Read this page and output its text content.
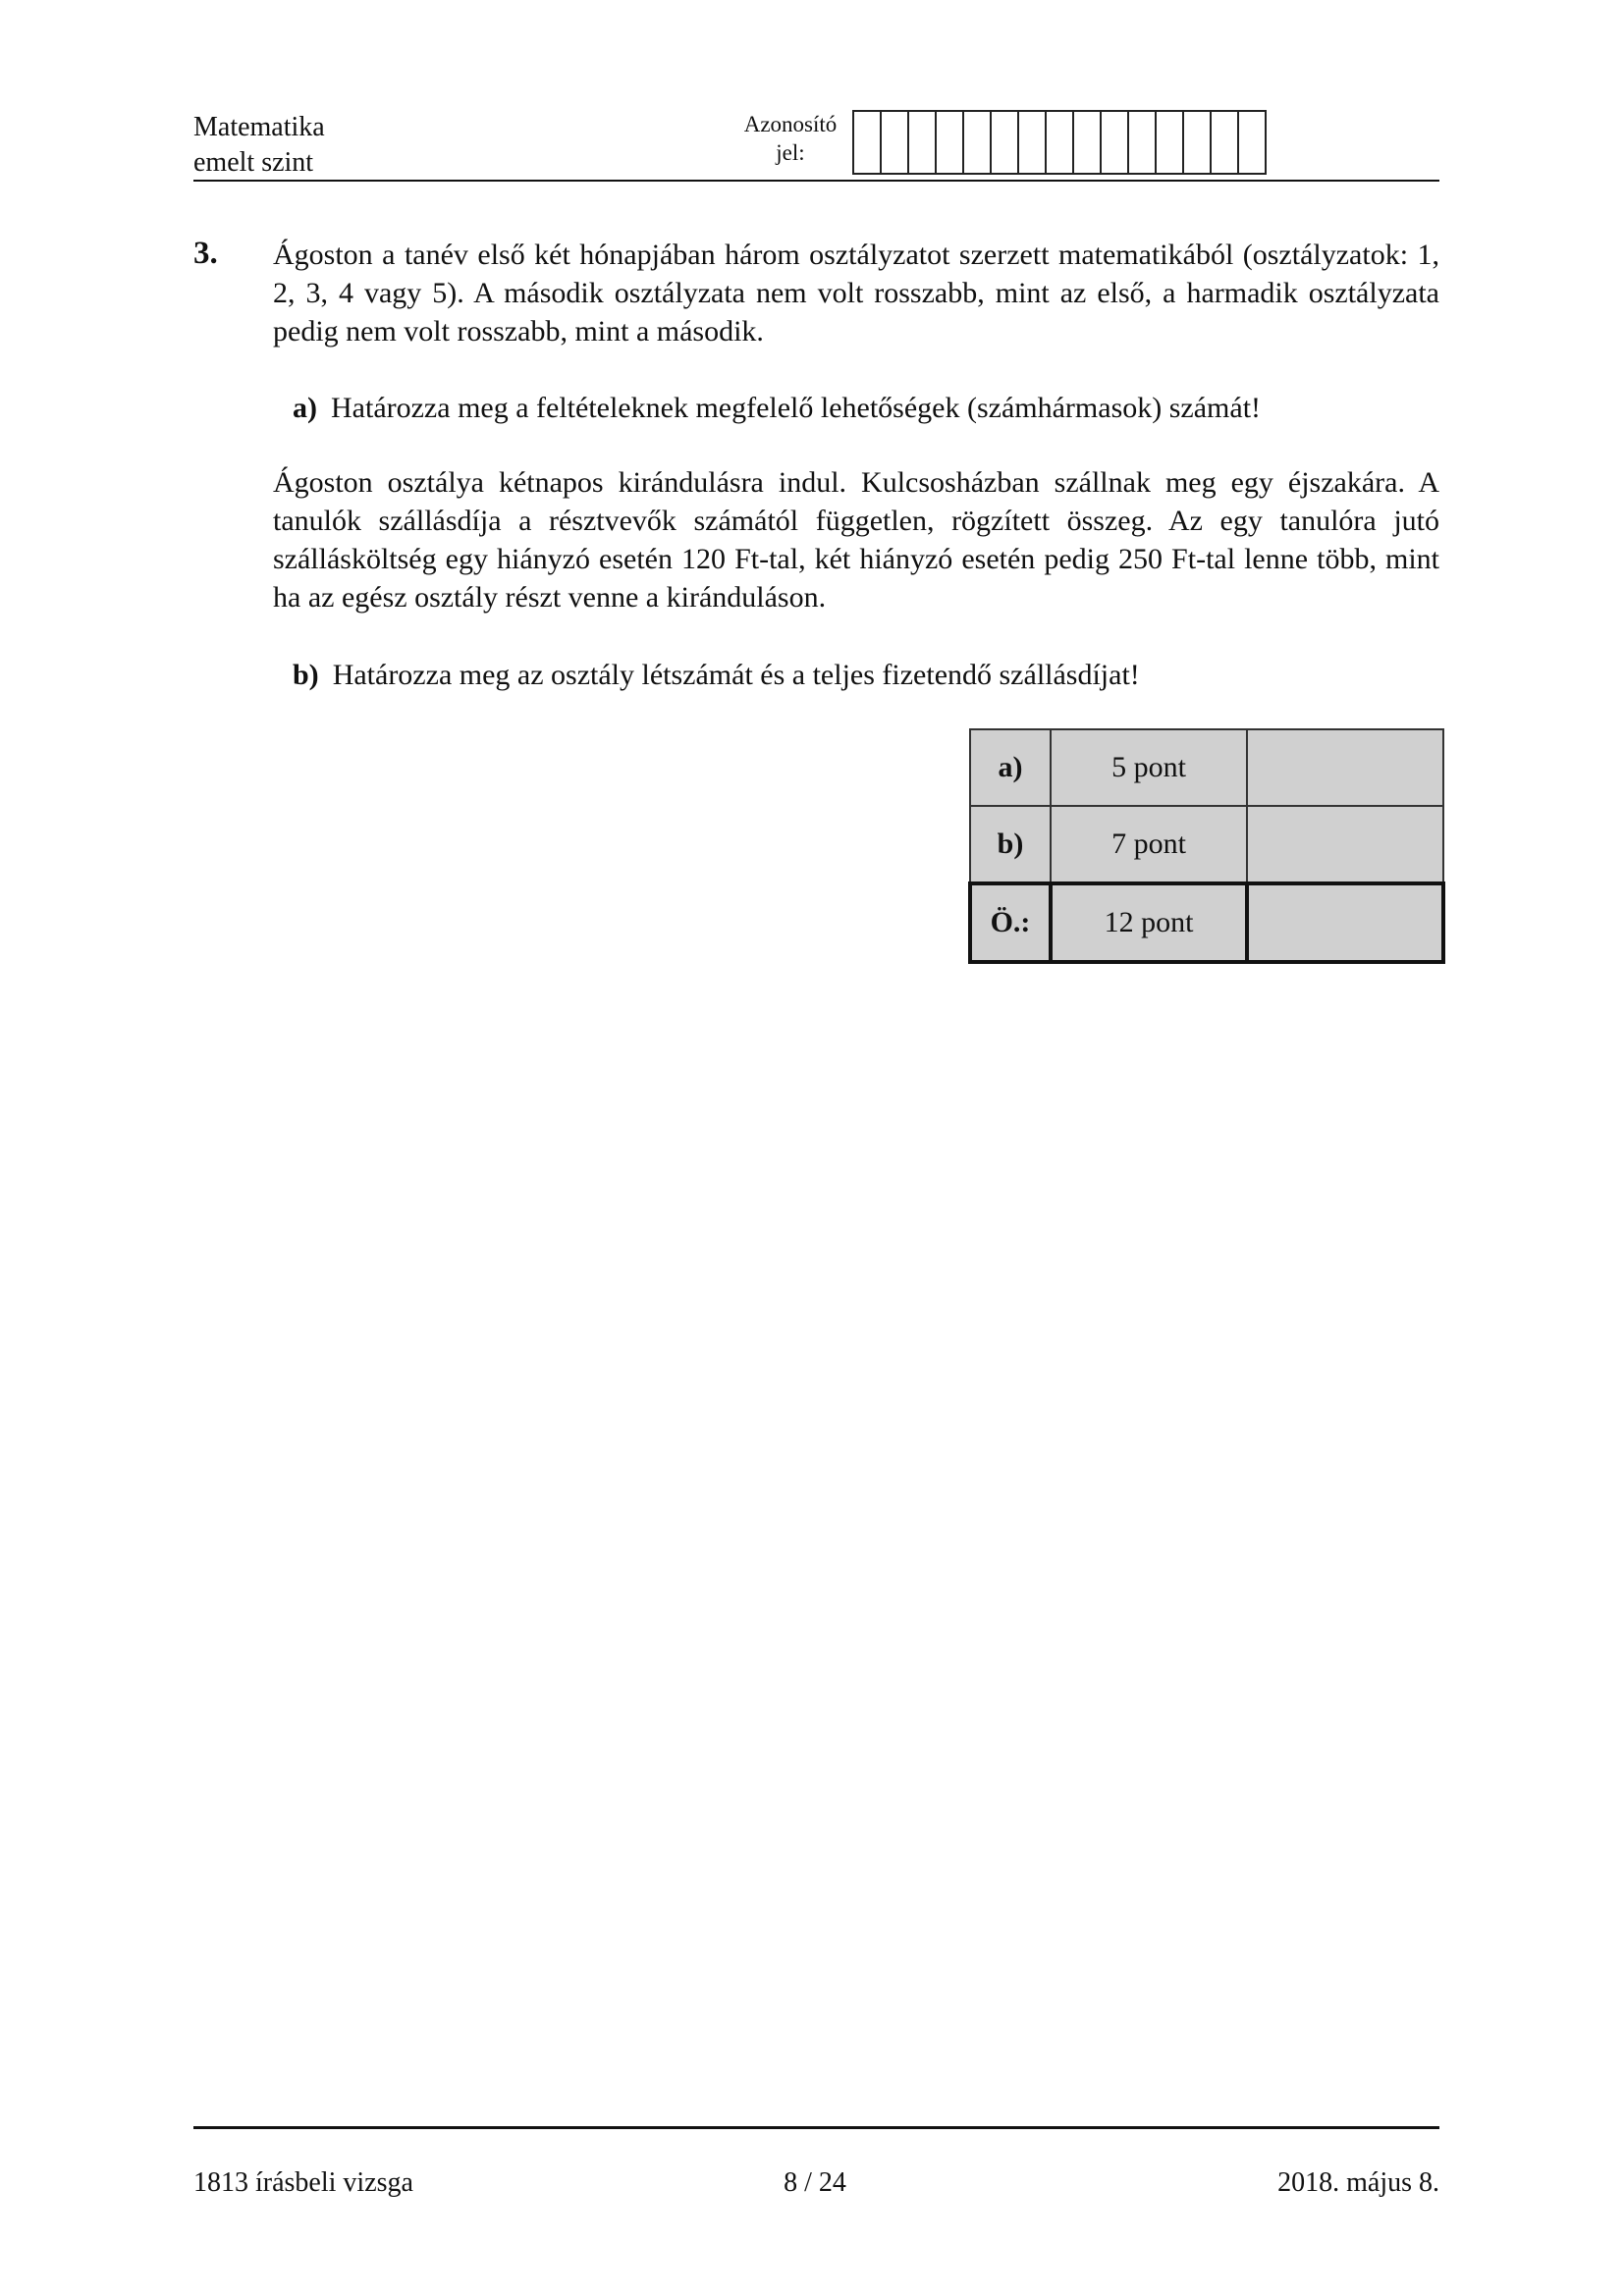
Matematika
emelt szint
Azonosító
jel:
3. Ágoston a tanév első két hónapjában három osztályzatot szerzett matematikából (osztályzatok: 1, 2, 3, 4 vagy 5). A második osztályzata nem volt rosszabb, mint az első, a harmadik osztályzata pedig nem volt rosszabb, mint a második.

a) Határozza meg a feltételeknek megfelelő lehetőségek (számhármasok) számát!

Ágoston osztálya kétnapos kirándulásra indul. Kulcsosházban szállnak meg egy éjszakára. A tanulók szállásdíja a résztvevők számától független, rögzített összeg. Az egy tanulóra jutó szállásköltség egy hiányzó esetén 120 Ft-tal, két hiányzó esetén pedig 250 Ft-tal lenne több, mint ha az egész osztály részt venne a kiránduláson.

b) Határozza meg az osztály létszámát és a teljes fizetendő szállásdíjat!
a)	5 pont	
b)	7 pont	
Ö.:	12 pont	
1813 írásbeli vizsga	8 / 24	2018. május 8.
